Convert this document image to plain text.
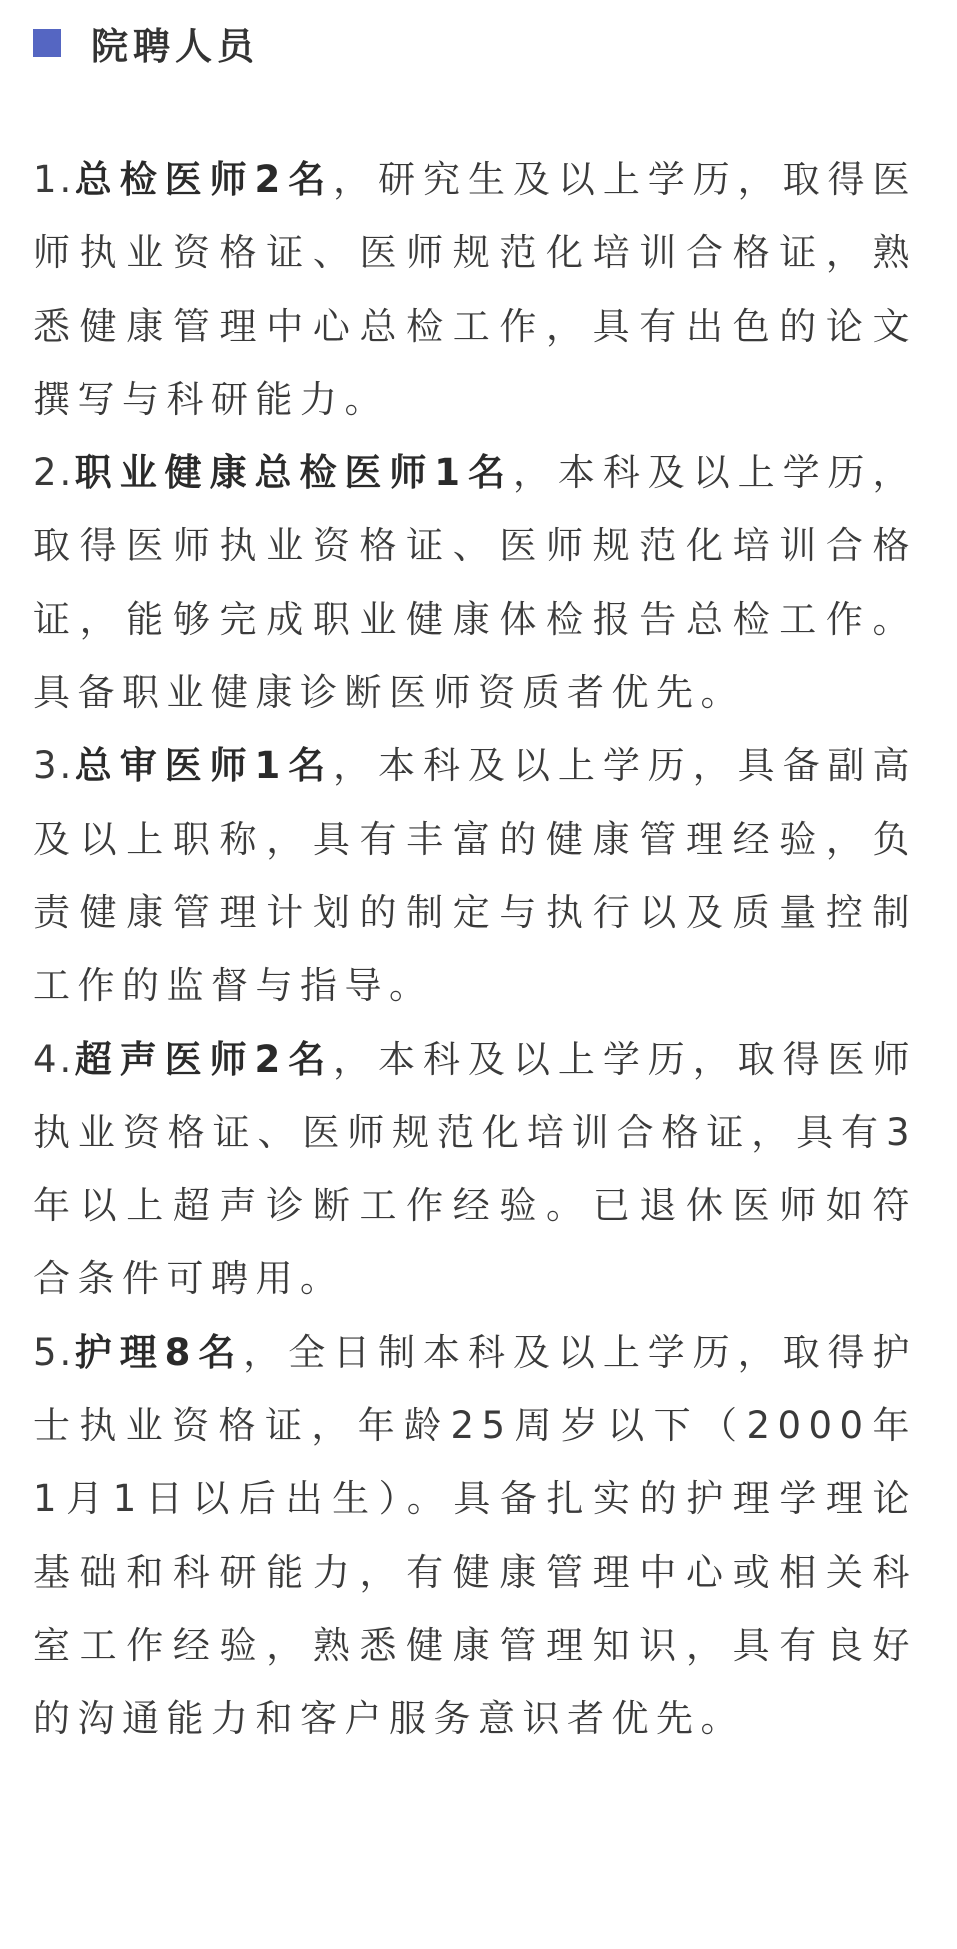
院聘人员

1.总检医师2名，研究生及以上学历，取得医师执业资格证、医师规范化培训合格证，熟悉健康管理中心总检工作，具有出色的论文撰写与科研能力。

2.职业健康总检医师1名，本科及以上学历，取得医师执业资格证、医师规范化培训合格证，能够完成职业健康体检报告总检工作。具备职业健康诊断医师资质者优先。

3.总审医师1名，本科及以上学历，具备副高及以上职称，具有丰富的健康管理经验，负责健康管理计划的制定与执行以及质量控制工作的监督与指导。

4.超声医师2名，本科及以上学历，取得医师执业资格证、医师规范化培训合格证，具有3年以上超声诊断工作经验。已退休医师如符合条件可聘用。

5.护理8名，全日制本科及以上学历，取得护士执业资格证，年龄25周岁以下（2000年1月1日以后出生）。具备扎实的护理学理论基础和科研能力，有健康管理中心或相关科室工作经验，熟悉健康管理知识，具有良好的沟通能力和客户服务意识者优先。
